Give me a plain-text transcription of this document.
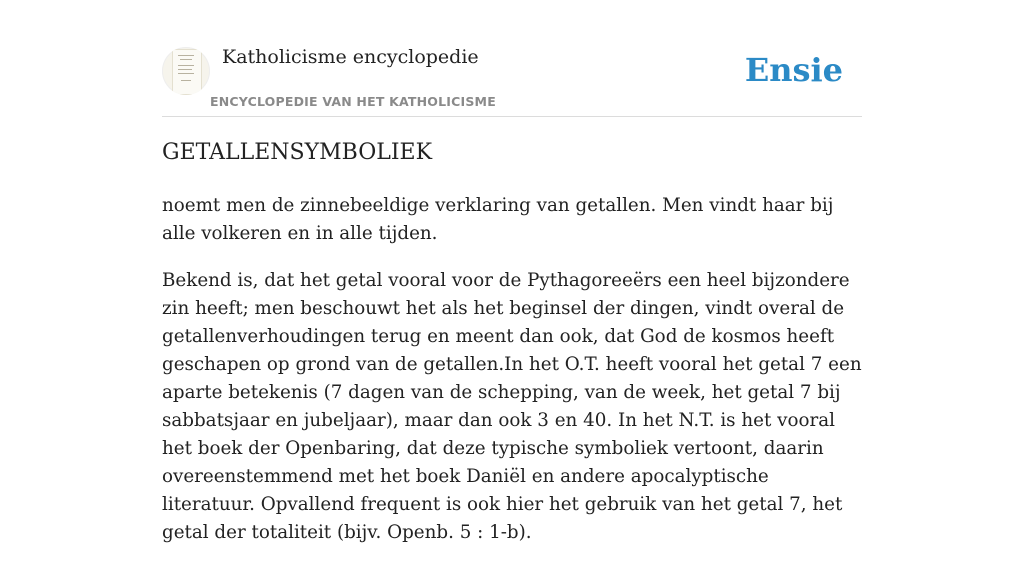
Katholicisme encyclopedie
ENCYCLOPEDIE VAN HET KATHOLICISME
Ensie
GETALLENSYMBOLIEK

noemt men de zinnebeeldige verklaring van getallen. Men vindt haar bij alle volkeren en in alle tijden.

Bekend is, dat het getal vooral voor de Pythagoreeërs een heel bijzondere zin heeft; men beschouwt het als het beginsel der dingen, vindt overal de getallenverhoudingen terug en meent dan ook, dat God de kosmos heeft geschapen op grond van de getallen.In het O.T. heeft vooral het getal 7 een aparte betekenis (7 dagen van de schepping, van de week, het getal 7 bij sabbatsjaar en jubeljaar), maar dan ook 3 en 40. In het N.T. is het vooral het boek der Openbaring, dat deze typische symboliek vertoont, daarin overeenstemmend met het boek Daniël en andere apocalyptische literatuur. Opvallend frequent is ook hier het gebruik van het getal 7, het getal der totaliteit (bijv. Openb. 5 : 1-b).
